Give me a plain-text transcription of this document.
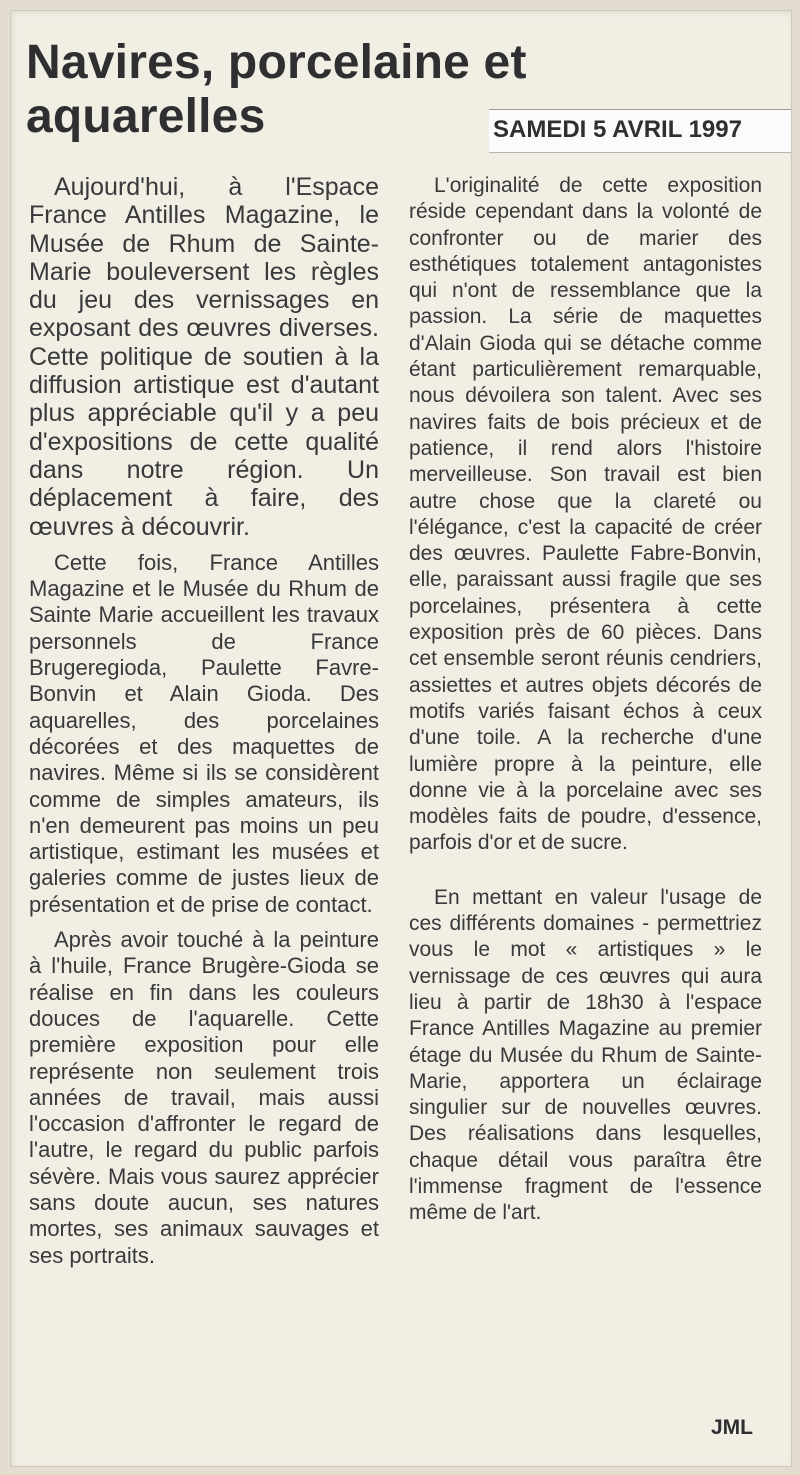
Navires, porcelaine et aquarelles	SAMEDI 5 AVRIL 1997

Aujourd'hui, à l'Espace France Antilles Magazine, le Musée de Rhum de Sainte-Marie bouleversent les règles du jeu des vernissages en exposant des œuvres diverses. Cette politique de soutien à la diffusion artistique est d'autant plus appréciable qu'il y a peu d'expositions de cette qualité dans notre région. Un déplacement à faire, des œuvres à découvrir.

Cette fois, France Antilles Magazine et le Musée du Rhum de Sainte Marie accueillent les travaux personnels de France Brugeregioda, Paulette Favre-Bonvin et Alain Gioda. Des aquarelles, des porcelaines décorées et des maquettes de navires. Même si ils se considèrent comme de simples amateurs, ils n'en demeurent pas moins un peu artistique, estimant les musées et galeries comme de justes lieux de présentation et de prise de contact.

Après avoir touché à la peinture à l'huile, France Brugère-Gioda se réalise en fin dans les couleurs douces de l'aquarelle. Cette première exposition pour elle représente non seulement trois années de travail, mais aussi l'occasion d'affronter le regard de l'autre, le regard du public parfois sévère. Mais vous saurez apprécier sans doute aucun, ses natures mortes, ses animaux sauvages et ses portraits.

L'originalité de cette exposition réside cependant dans la volonté de confronter ou de marier des esthétiques totalement antagonistes qui n'ont de ressemblance que la passion. La série de maquettes d'Alain Gioda qui se détache comme étant particulièrement remarquable, nous dévoilera son talent. Avec ses navires faits de bois précieux et de patience, il rend alors l'histoire merveilleuse. Son travail est bien autre chose que la clareté ou l'élégance, c'est la capacité de créer des œuvres. Paulette Fabre-Bonvin, elle, paraissant aussi fragile que ses porcelaines, présentera à cette exposition près de 60 pièces. Dans cet ensemble seront réunis cendriers, assiettes et autres objets décorés de motifs variés faisant échos à ceux d'une toile. A la recherche d'une lumière propre à la peinture, elle donne vie à la porcelaine avec ses modèles faits de poudre, d'essence, parfois d'or et de sucre.

En mettant en valeur l'usage de ces différents domaines - permettriez vous le mot « artistiques » le vernissage de ces œuvres qui aura lieu à partir de 18h30 à l'espace France Antilles Magazine au premier étage du Musée du Rhum de Sainte-Marie, apportera un éclairage singulier sur de nouvelles œuvres. Des réalisations dans lesquelles, chaque détail vous paraîtra être l'immense fragment de l'essence même de l'art.

JML
